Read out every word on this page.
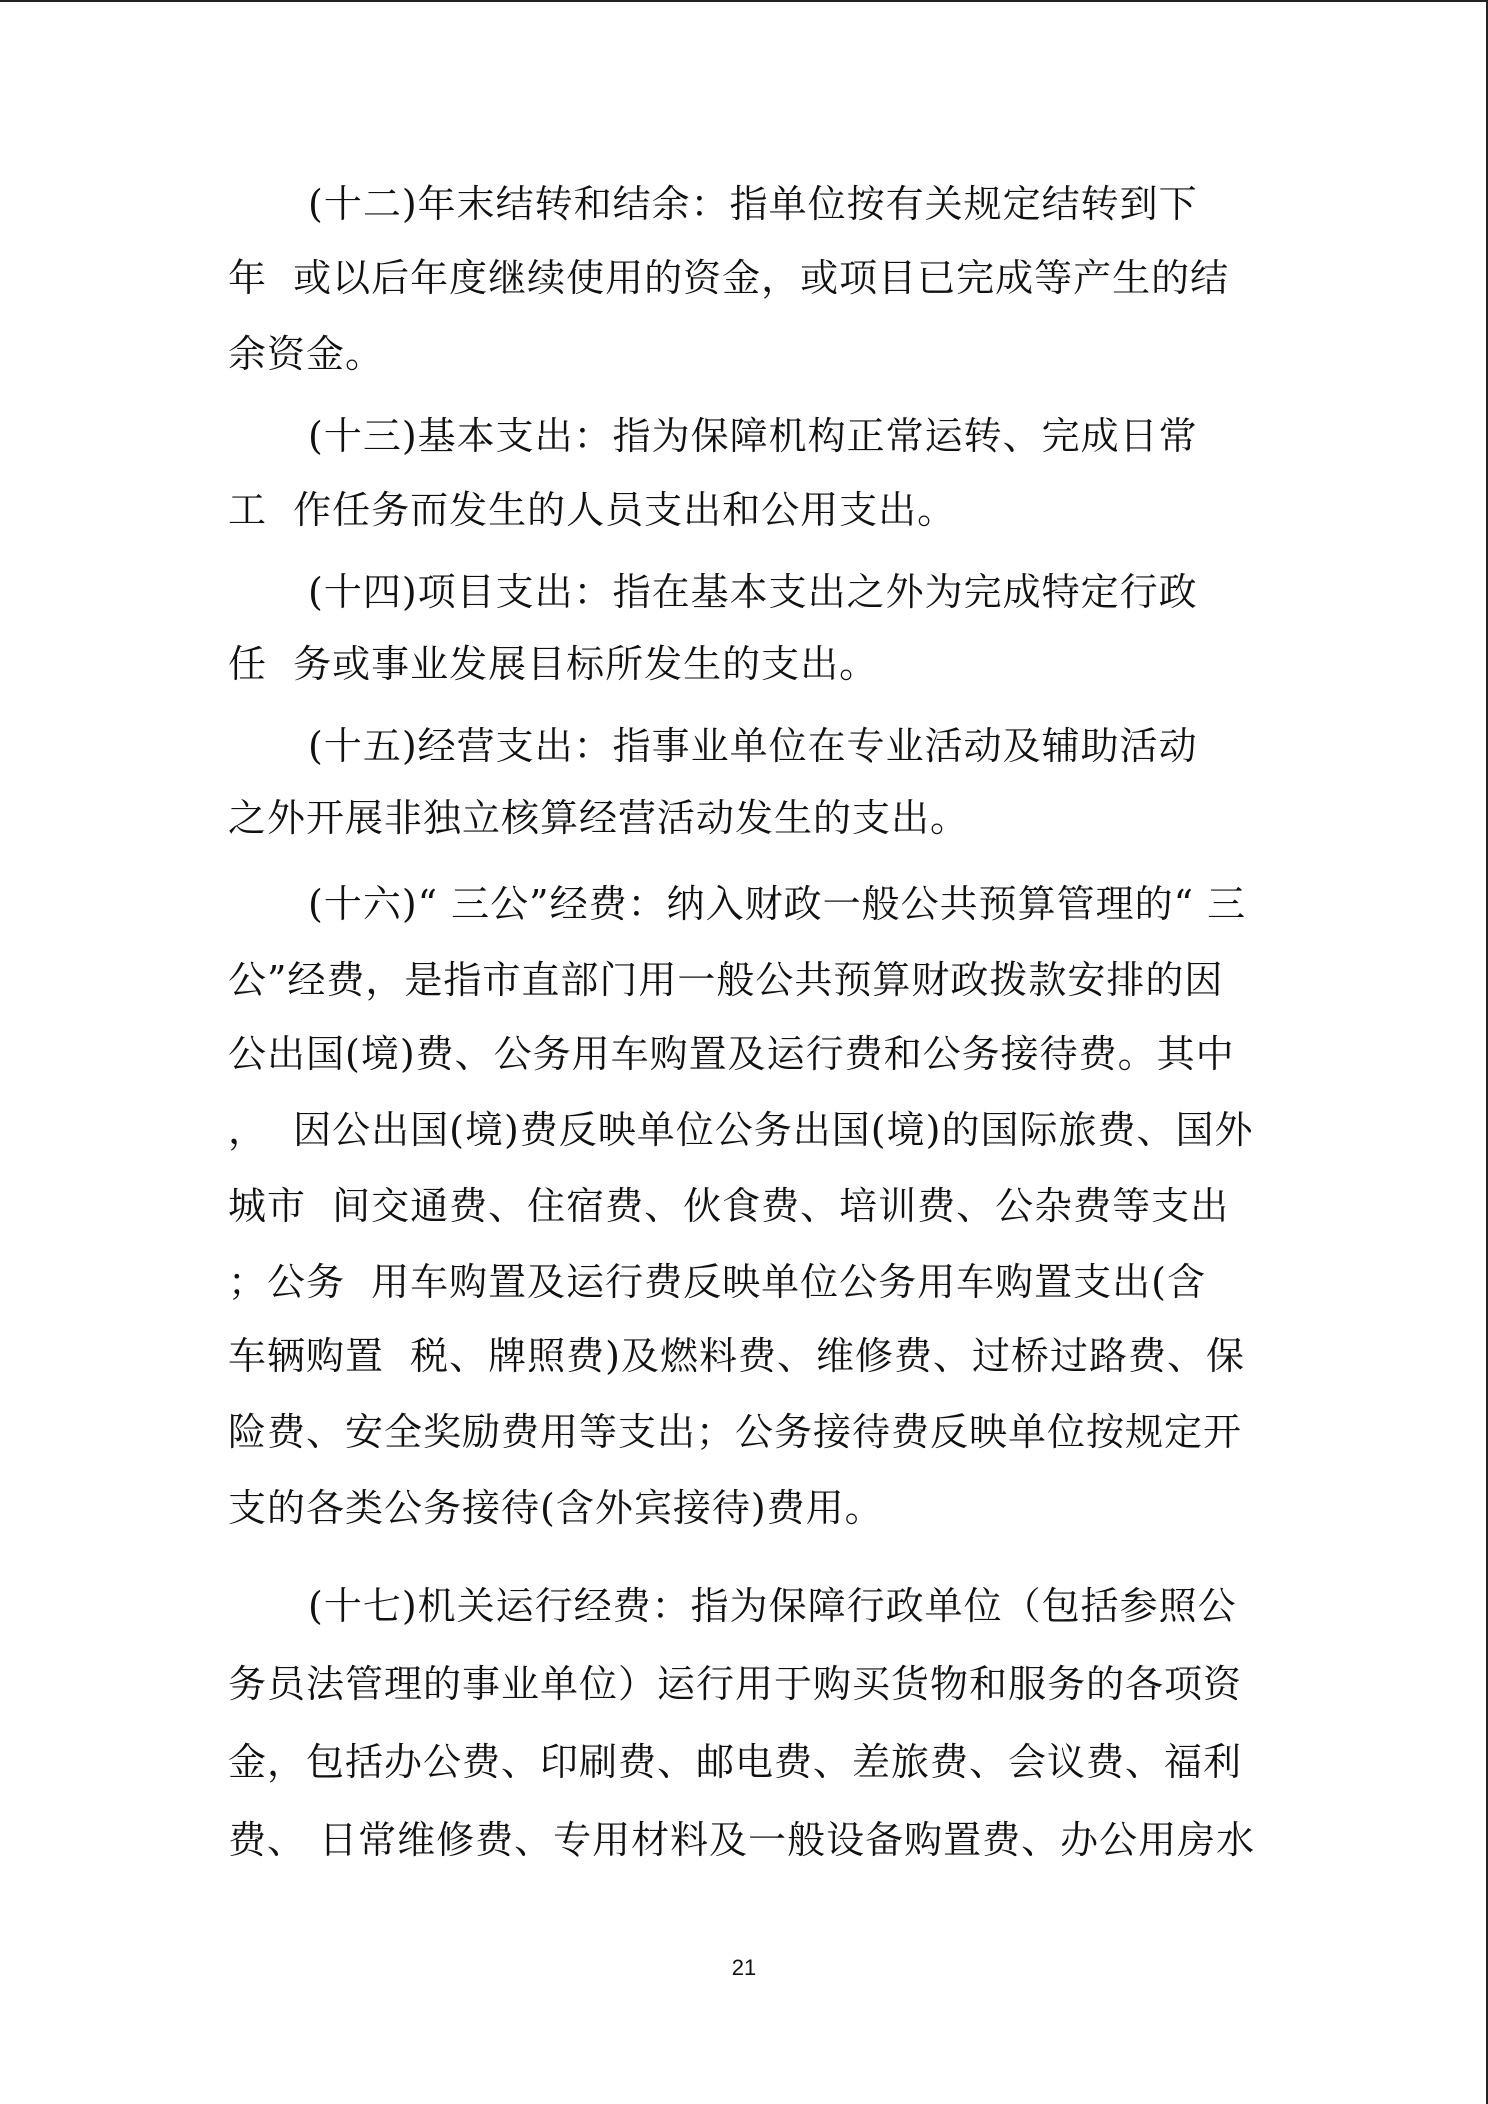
(十二)年末结转和结余：指单位按有关规定结转到下
年  或以后年度继续使用的资金，或项目已完成等产生的结
余资金。
(十三)基本支出：指为保障机构正常运转、完成日常
工  作任务而发生的人员支出和公用支出。
(十四)项目支出：指在基本支出之外为完成特定行政
任  务或事业发展目标所发生的支出。
(十五)经营支出：指事业单位在专业活动及辅助活动
之外开展非独立核算经营活动发生的支出。
(十六)“ 三公”经费：纳入财政一般公共预算管理的“ 三
公”经费，是指市直部门用一般公共预算财政拨款安排的因
公出国(境)费、公务用车购置及运行费和公务接待费。其中
，  因公出国(境)费反映单位公务出国(境)的国际旅费、国外
城市  间交通费、住宿费、伙食费、培训费、公杂费等支出
；公务  用车购置及运行费反映单位公务用车购置支出(含
车辆购置  税、牌照费)及燃料费、维修费、过桥过路费、保
险费、安全奖励费用等支出；公务接待费反映单位按规定开
支的各类公务接待(含外宾接待)费用。
(十七)机关运行经费：指为保障行政单位（包括参照公
务员法管理的事业单位）运行用于购买货物和服务的各项资
金，包括办公费、印刷费、邮电费、差旅费、会议费、福利
费、 日常维修费、专用材料及一般设备购置费、办公用房水
21
